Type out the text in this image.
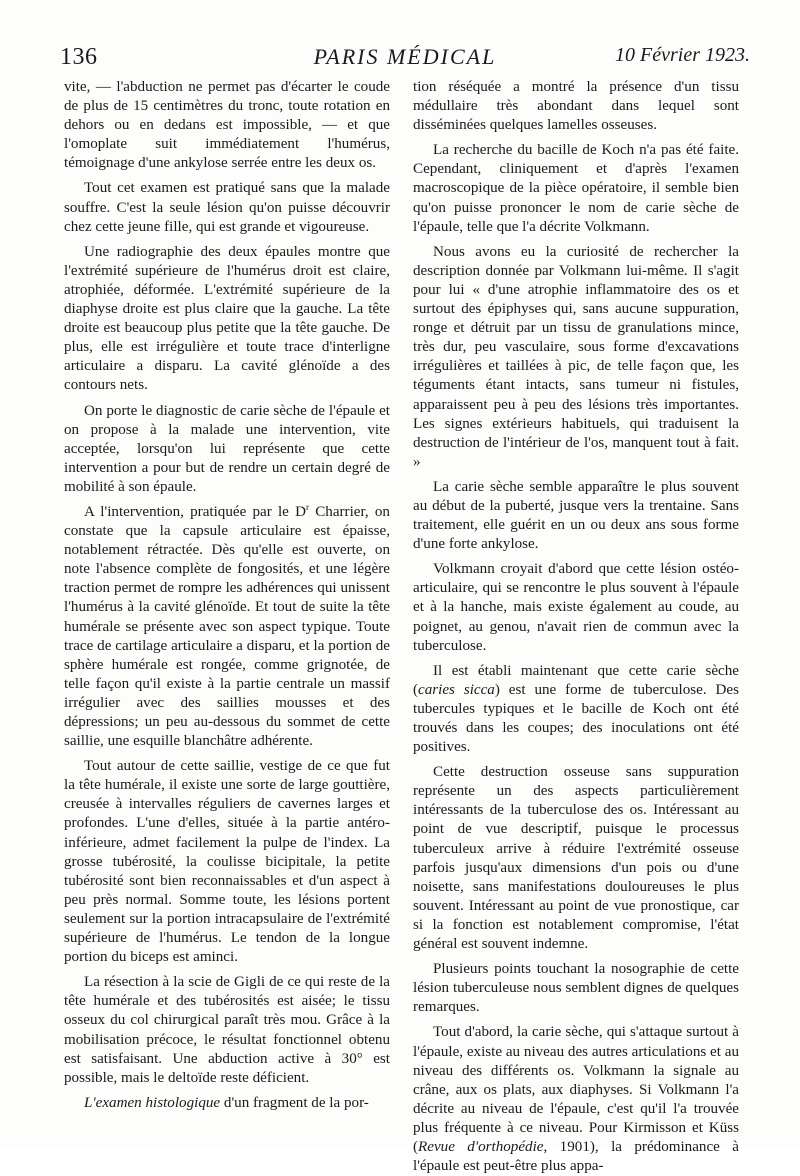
136	PARIS MÉDICAL	10 Février 1923.

vite, — l'abduction ne permet pas d'écarter le coude de plus de 15 centimètres du tronc, toute rotation en dehors ou en dedans est impossible, — et que l'omoplate suit immédiatement l'humérus, témoignage d'une ankylose serrée entre les deux os.

Tout cet examen est pratiqué sans que la malade souffre. C'est la seule lésion qu'on puisse découvrir chez cette jeune fille, qui est grande et vigoureuse.

Une radiographie des deux épaules montre que l'extrémité supérieure de l'humérus droit est claire, atrophiée, déformée. L'extrémité supérieure de la diaphyse droite est plus claire que la gauche. La tête droite est beaucoup plus petite que la tête gauche. De plus, elle est irrégulière et toute trace d'interligne articulaire a disparu. La cavité glénoïde a des contours nets.

On porte le diagnostic de carie sèche de l'épaule et on propose à la malade une intervention, vite acceptée, lorsqu'on lui représente que cette intervention a pour but de rendre un certain degré de mobilité à son épaule.

A l'intervention, pratiquée par le $D^r$ Charrier, on constate que la capsule articulaire est épaisse, notablement rétractée. Dès qu'elle est ouverte, on note l'absence complète de fongosités, et une légère traction permet de rompre les adhérences qui unissent l'humérus à la cavité glénoïde. Et tout de suite la tête humérale se présente avec son aspect typique. Toute trace de cartilage articulaire a disparu, et la portion de sphère humérale est rongée, comme grignotée, de telle façon qu'il existe à la partie centrale un massif irrégulier avec des saillies mousses et des dépressions; un peu au-dessous du sommet de cette saillie, une esquille blanchâtre adhérente.

Tout autour de cette saillie, vestige de ce que fut la tête humérale, il existe une sorte de large gouttière, creusée à intervalles réguliers de cavernes larges et profondes. L'une d'elles, située à la partie antéro-inférieure, admet facilement la pulpe de l'index. La grosse tubérosité, la coulisse bicipitale, la petite tubérosité sont bien reconnaissables et d'un aspect à peu près normal. Somme toute, les lésions portent seulement sur la portion intracapsulaire de l'extrémité supérieure de l'humérus. Le tendon de la longue portion du biceps est aminci.

La résection à la scie de Gigli de ce qui reste de la tête humérale et des tubérosités est aisée; le tissu osseux du col chirurgical paraît très mou. Grâce à la mobilisation précoce, le résultat fonctionnel obtenu est satisfaisant. Une abduction active à 30° est possible, mais le deltoïde reste déficient.

L'examen histologique d'un fragment de la por-

tion réséquée a montré la présence d'un tissu médullaire très abondant dans lequel sont disséminées quelques lamelles osseuses.

La recherche du bacille de Koch n'a pas été faite. Cependant, cliniquement et d'après l'examen macroscopique de la pièce opératoire, il semble bien qu'on puisse prononcer le nom de carie sèche de l'épaule, telle que l'a décrite Volkmann.

Nous avons eu la curiosité de rechercher la description donnée par Volkmann lui-même. Il s'agit pour lui « d'une atrophie inflammatoire des os et surtout des épiphyses qui, sans aucune suppuration, ronge et détruit par un tissu de granulations mince, très dur, peu vasculaire, sous forme d'excavations irrégulières et taillées à pic, de telle façon que, les téguments étant intacts, sans tumeur ni fistules, apparaissent peu à peu des lésions très importantes. Les signes extérieurs habituels, qui traduisent la destruction de l'intérieur de l'os, manquent tout à fait. »

La carie sèche semble apparaître le plus souvent au début de la puberté, jusque vers la trentaine. Sans traitement, elle guérit en un ou deux ans sous forme d'une forte ankylose.

Volkmann croyait d'abord que cette lésion ostéo-articulaire, qui se rencontre le plus souvent à l'épaule et à la hanche, mais existe également au coude, au poignet, au genou, n'avait rien de commun avec la tuberculose.

Il est établi maintenant que cette carie sèche (caries sicca) est une forme de tuberculose. Des tubercules typiques et le bacille de Koch ont été trouvés dans les coupes; des inoculations ont été positives.

Cette destruction osseuse sans suppuration représente un des aspects particulièrement intéressants de la tuberculose des os. Intéressant au point de vue descriptif, puisque le processus tuberculeux arrive à réduire l'extrémité osseuse parfois jusqu'aux dimensions d'un pois ou d'une noisette, sans manifestations douloureuses le plus souvent. Intéressant au point de vue pronostique, car si la fonction est notablement compromise, l'état général est souvent indemne.

Plusieurs points touchant la nosographie de cette lésion tuberculeuse nous semblent dignes de quelques remarques.

Tout d'abord, la carie sèche, qui s'attaque surtout à l'épaule, existe au niveau des autres articulations et au niveau des différents os. Volkmann la signale au crâne, aux os plats, aux diaphyses. Si Volkmann l'a décrite au niveau de l'épaule, c'est qu'il l'a trouvée plus fréquente à ce niveau. Pour Kirmisson et Küss (Revue d'orthopédie, 1901), la prédominance à l'épaule est peut-être plus appa-
